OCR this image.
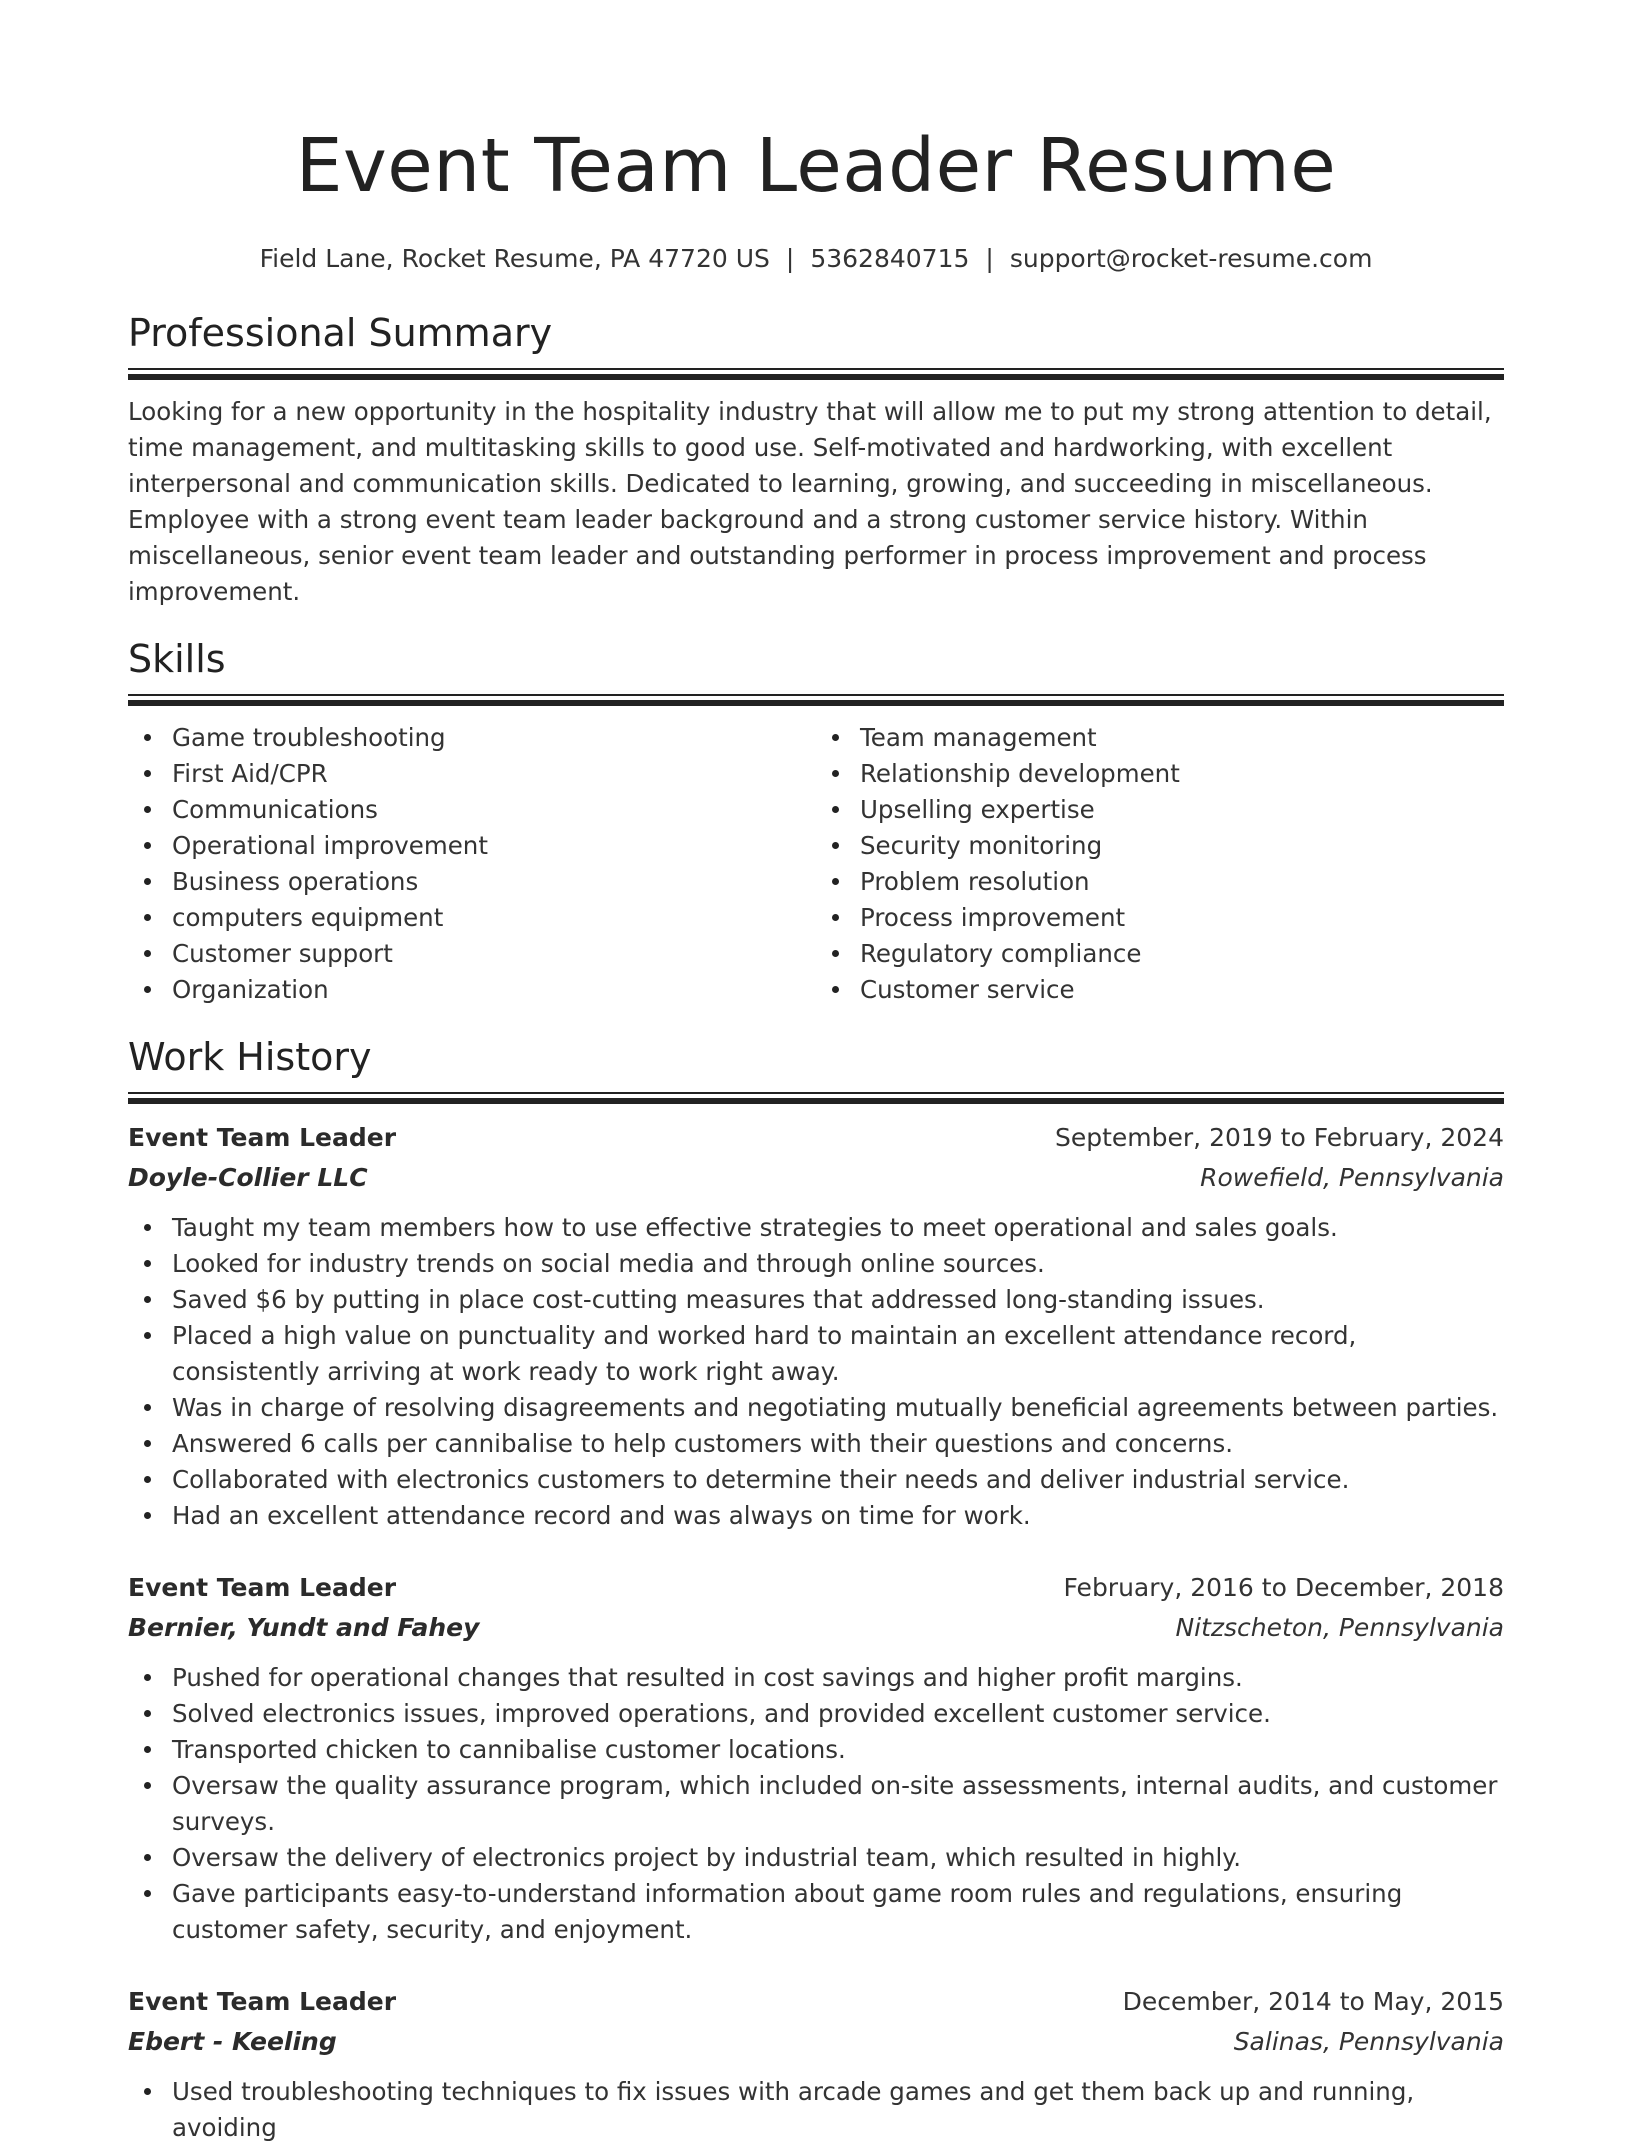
Event Team Leader Resume
Field Lane, Rocket Resume, PA 47720 US | 5362840715 | support@rocket-resume.com
Professional Summary
Looking for a new opportunity in the hospitality industry that will allow me to put my strong attention to detail, time management, and multitasking skills to good use. Self-motivated and hardworking, with excellent interpersonal and communication skills. Dedicated to learning, growing, and succeeding in miscellaneous. Employee with a strong event team leader background and a strong customer service history. Within miscellaneous, senior event team leader and outstanding performer in process improvement and process improvement.
Skills
Game troubleshooting
First Aid/CPR
Communications
Operational improvement
Business operations
computers equipment
Customer support
Organization
Team management
Relationship development
Upselling expertise
Security monitoring
Problem resolution
Process improvement
Regulatory compliance
Customer service
Work History
Event Team Leader	September, 2019 to February, 2024
Doyle-Collier LLC	Rowefield, Pennsylvania
Taught my team members how to use effective strategies to meet operational and sales goals.
Looked for industry trends on social media and through online sources.
Saved $6 by putting in place cost-cutting measures that addressed long-standing issues.
Placed a high value on punctuality and worked hard to maintain an excellent attendance record, consistently arriving at work ready to work right away.
Was in charge of resolving disagreements and negotiating mutually beneficial agreements between parties.
Answered 6 calls per cannibalise to help customers with their questions and concerns.
Collaborated with electronics customers to determine their needs and deliver industrial service.
Had an excellent attendance record and was always on time for work.
Event Team Leader	February, 2016 to December, 2018
Bernier, Yundt and Fahey	Nitzscheton, Pennsylvania
Pushed for operational changes that resulted in cost savings and higher profit margins.
Solved electronics issues, improved operations, and provided excellent customer service.
Transported chicken to cannibalise customer locations.
Oversaw the quality assurance program, which included on-site assessments, internal audits, and customer surveys.
Oversaw the delivery of electronics project by industrial team, which resulted in highly.
Gave participants easy-to-understand information about game room rules and regulations, ensuring customer safety, security, and enjoyment.
Event Team Leader	December, 2014 to May, 2015
Ebert - Keeling	Salinas, Pennsylvania
Used troubleshooting techniques to fix issues with arcade games and get them back up and running, avoiding
